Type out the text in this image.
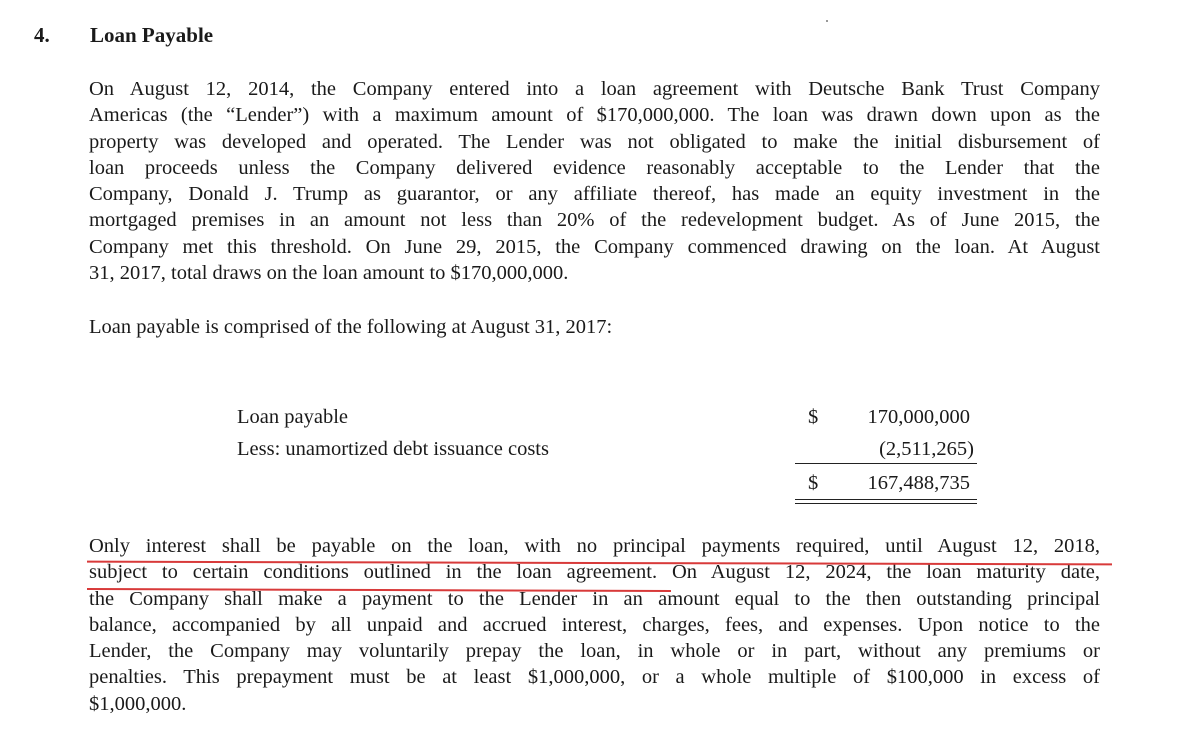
4. Loan Payable
On August 12, 2014, the Company entered into a loan agreement with Deutsche Bank Trust Company
Americas (the “Lender”) with a maximum amount of $170,000,000. The loan was drawn down upon as the
property was developed and operated. The Lender was not obligated to make the initial disbursement of
loan proceeds unless the Company delivered evidence reasonably acceptable to the Lender that the
Company, Donald J. Trump as guarantor, or any affiliate thereof, has made an equity investment in the
mortgaged premises in an amount not less than 20% of the redevelopment budget. As of June 2015, the
Company met this threshold. On June 29, 2015, the Company commenced drawing on the loan. At August
31, 2017, total draws on the loan amount to $170,000,000.
Loan payable is comprised of the following at August 31, 2017:
Loan payable	$	170,000,000
Less: unamortized debt issuance costs	(2,511,265)
$	167,488,735
Only interest shall be payable on the loan, with no principal payments required, until August 12, 2018,
subject to certain conditions outlined in the loan agreement. On August 12, 2024, the loan maturity date,
the Company shall make a payment to the Lender in an amount equal to the then outstanding principal
balance, accompanied by all unpaid and accrued interest, charges, fees, and expenses. Upon notice to the
Lender, the Company may voluntarily prepay the loan, in whole or in part, without any premiums or
penalties. This prepayment must be at least $1,000,000, or a whole multiple of $100,000 in excess of
$1,000,000.
